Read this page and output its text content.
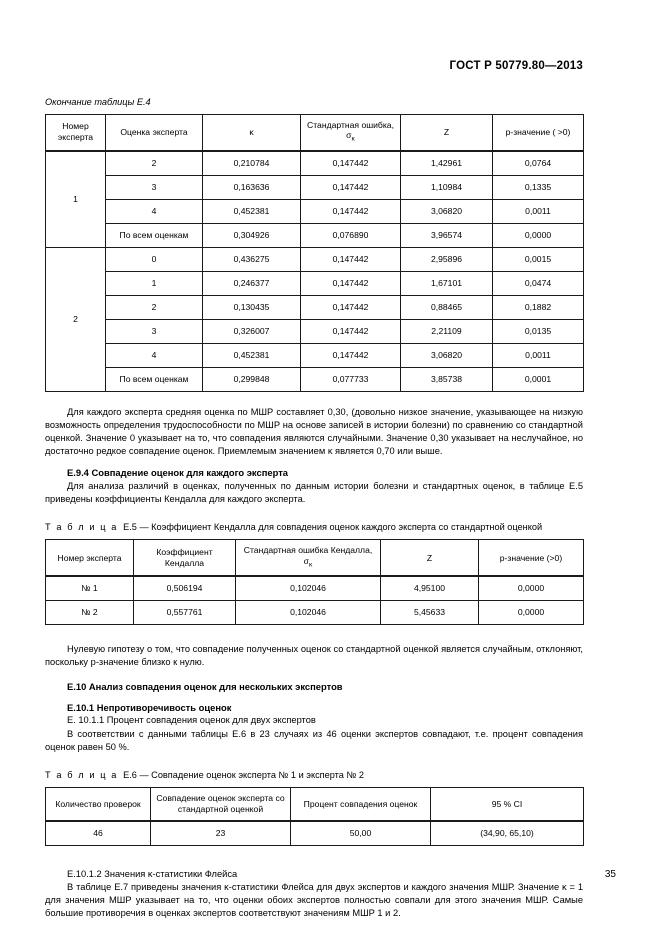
ГОСТ Р 50779.80—2013
Окончание таблицы Е.4
Номер эксперта	Оценка эксперта	κ	Стандартная ошибка, $\sigma_\kappa$	Z	p-значение ( >0)
1	2	0,210784	0,147442	1,42961	0,0764
	3	0,163636	0,147442	1,10984	0,1335
	4	0,452381	0,147442	3,06820	0,0011
	По всем оценкам	0,304926	0,076890	3,96574	0,0000
2	0	0,436275	0,147442	2,95896	0,0015
	1	0,246377	0,147442	1,67101	0,0474
	2	0,130435	0,147442	0,88465	0,1882
	3	0,326007	0,147442	2,21109	0,0135
	4	0,452381	0,147442	3,06820	0,0011
	По всем оценкам	0,299848	0,077733	3,85738	0,0001

Для каждого эксперта средняя оценка по МШР составляет 0,30, (довольно низкое значение, указывающее на низкую возможность определения трудоспособности по МШР на основе записей в истории болезни) по сравнению со стандартной оценкой. Значение 0 указывает на то, что совпадения являются случайными. Значение 0,30 указывает на неслучайное, но достаточно редкое совпадение оценок. Приемлемым значением κ является 0,70 или выше.

Е.9.4 Совпадение оценок для каждого эксперта

Для анализа различий в оценках, полученных по данным истории болезни и стандартных оценок, в таблице Е.5 приведены коэффициенты Кендалла для каждого эксперта.

Т а б л и ц а Е.5 — Коэффициент Кендалла для совпадения оценок каждого эксперта со стандартной оценкой
Номер эксперта	Коэффициент Кендалла	Стандартная ошибка Кендалла, $\sigma_\kappa$	Z	p-значение (>0)
№ 1	0,506194	0,102046	4,95100	0,0000
№ 2	0,557761	0,102046	5,45633	0,0000

Нулевую гипотезу о том, что совпадение полученных оценок со стандартной оценкой является случайным, отклоняют, поскольку p-значение близко к нулю.

Е.10 Анализ совпадения оценок для нескольких экспертов
Е.10.1 Непротиворечивость оценок

Е. 10.1.1 Процент совпадения оценок для двух экспертов

В соответствии с данными таблицы Е.6 в 23 случаях из 46 оценки экспертов совпадают, т.е. процент совпадения оценок равен 50 %.

Т а б л и ц а Е.6 — Совпадение оценок эксперта № 1 и эксперта № 2
Количество проверок	Совпадение оценок эксперта со стандартной оценкой	Процент совпадения оценок	95 % CI
46	23	50,00	(34,90, 65,10)

Е.10.1.2 Значения κ-статистики Флейса

В таблице Е.7 приведены значения κ-статистики Флейса для двух экспертов и каждого значения МШР. Значение κ = 1 для значения МШР указывает на то, что оценки обоих экспертов полностью совпали для этого значения МШР. Самые большие противоречия в оценках экспертов соответствуют значениям МШР 1 и 2.

35
